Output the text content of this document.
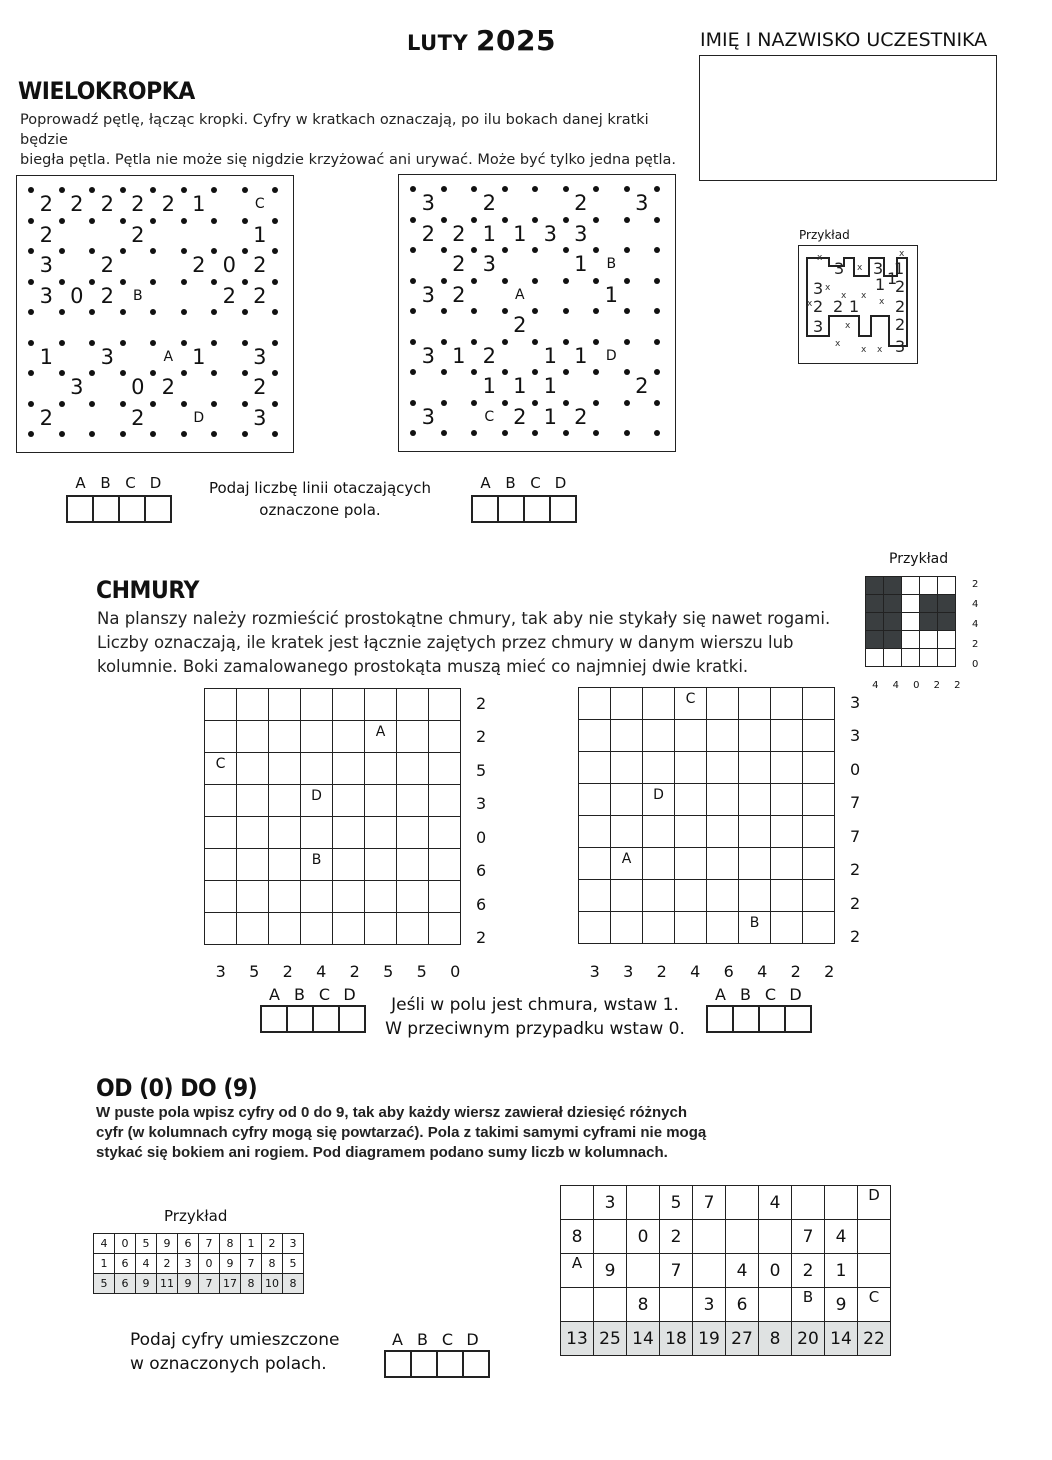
LUTY 2025	IMIĘ I NAZWISKO UCZESTNIKA
WIELOKROPKA
Poprowadź pętlę, łącząc kropki. Cyfry w kratkach oznaczają, po ilu bokach danej kratki będzie
biegła pętla. Pętla nie może się nigdzie krzyżować ani urywać. Może być tylko jedna pętla.
2 2 2 2 2 1	C
2	2	1
3 2	2 0 2
3 0 2	B	2 2
1 3	A 1 3
3 0 2	2
2	2	D 3
3 2	2 3
2 2 1 1 3 3
2 3	1	B
3 2	A	1
2
3 1 2 1 1	D
1 1 1	2
3	C 2 1 2
Przykład
3 3 1
3	2
1
1
2 2 1 2
3	2
3
x
x
x
x
x
x
x
x
x
x
x
x
A B C D	Podaj liczbę linii otaczających
oznaczone pola.
A B C D
CHMURY
Na planszy należy rozmieścić prostokątne chmury, tak aby nie stykały się nawet rogami.
Liczby oznaczają, ile kratek jest łącznie zajętych przez chmury w danym wierszu lub
kolumnie. Boki zamalowanego prostokąta muszą mieć co najmniej dwie kratki.
Przykład

2
4
4
2
0
4	4	0	2	2

					A		

C							

			D				

			B				

2
2
5
3
0
6
6
2
3	5	2	4	2	5	5	0

			C				

		D					

	A						

					B		

3
3
0
7
7
2
2
2
3	3	2	4	6	4	2	2
A B C D
Jeśli w polu jest chmura, wstaw 1.
W przeciwnym przypadku wstaw 0.
A B C D
OD (0) DO (9)
W puste pola wpisz cyfry od 0 do 9, tak aby każdy wiersz zawierał dziesięć różnych
cyfr (w kolumnach cyfry mogą się powtarzać). Pola z takimi samymi cyframi nie mogą
stykać się bokiem ani rogiem. Pod diagramem podano sumy liczb w kolumnach.
Przykład
4	0	5	9	6	7	8	1	2	3
1	6	4	2	3	0	9	7	8	5
5	6	9	11	9	7	17	8	10	8
	3		5	7		4			D
8		0	2				7	4	
A	9		7		4	0	2	1	
		8		3	6		B	9	C
13	25	14	18	19	27	8	20	14	22
Podaj cyfry umieszczone
w oznaczonych polach.
A B C D
